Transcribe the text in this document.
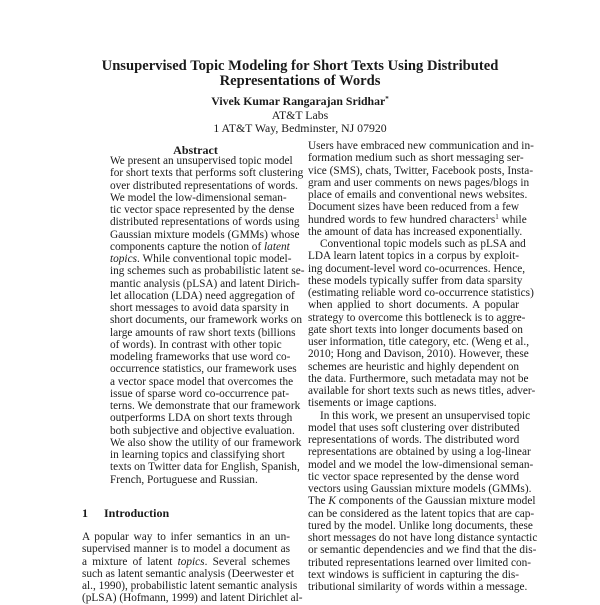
Unsupervised Topic Modeling for Short Texts Using Distributed
Representations of Words
Vivek Kumar Rangarajan Sridhar*
AT&T Labs
1 AT&T Way, Bedminster, NJ 07920
Abstract
We present an unsupervised topic model
for short texts that performs soft clustering
over distributed representations of words.
We model the low-dimensional seman-
tic vector space represented by the dense
distributed representations of words using
Gaussian mixture models (GMMs) whose
components capture the notion of latent
topics. While conventional topic model-
ing schemes such as probabilistic latent se-
mantic analysis (pLSA) and latent Dirich-
let allocation (LDA) need aggregation of
short messages to avoid data sparsity in
short documents, our framework works on
large amounts of raw short texts (billions
of words). In contrast with other topic
modeling frameworks that use word co-
occurrence statistics, our framework uses
a vector space model that overcomes the
issue of sparse word co-occurrence pat-
terns. We demonstrate that our framework
outperforms LDA on short texts through
both subjective and objective evaluation.
We also show the utility of our framework
in learning topics and classifying short
texts on Twitter data for English, Spanish,
French, Portuguese and Russian.
1 Introduction
A popular way to infer semantics in an un-
supervised manner is to model a document as
a mixture of latent topics. Several schemes
such as latent semantic analysis (Deerwester et
al., 1990), probabilistic latent semantic analysis
(pLSA) (Hofmann, 1999) and latent Dirichlet al-
Users have embraced new communication and in-
formation medium such as short messaging ser-
vice (SMS), chats, Twitter, Facebook posts, Insta-
gram and user comments on news pages/blogs in
place of emails and conventional news websites.
Document sizes have been reduced from a few
hundred words to few hundred characters$^1$ while
the amount of data has increased exponentially.
Conventional topic models such as pLSA and
LDA learn latent topics in a corpus by exploit-
ing document-level word co-ocurrences. Hence,
these models typically suffer from data sparsity
(estimating reliable word co-occurrence statistics)
when applied to short documents. A popular
strategy to overcome this bottleneck is to aggre-
gate short texts into longer documents based on
user information, title category, etc. (Weng et al.,
2010; Hong and Davison, 2010). However, these
schemes are heuristic and highly dependent on
the data. Furthermore, such metadata may not be
available for short texts such as news titles, adver-
tisements or image captions.
In this work, we present an unsupervised topic
model that uses soft clustering over distributed
representations of words. The distributed word
representations are obtained by using a log-linear
model and we model the low-dimensional seman-
tic vector space represented by the dense word
vectors using Gaussian mixture models (GMMs).
The K components of the Gaussian mixture model
can be considered as the latent topics that are cap-
tured by the model. Unlike long documents, these
short messages do not have long distance syntactic
or semantic dependencies and we find that the dis-
tributed representations learned over limited con-
text windows is sufficient in capturing the dis-
tributional similarity of words within a message.
